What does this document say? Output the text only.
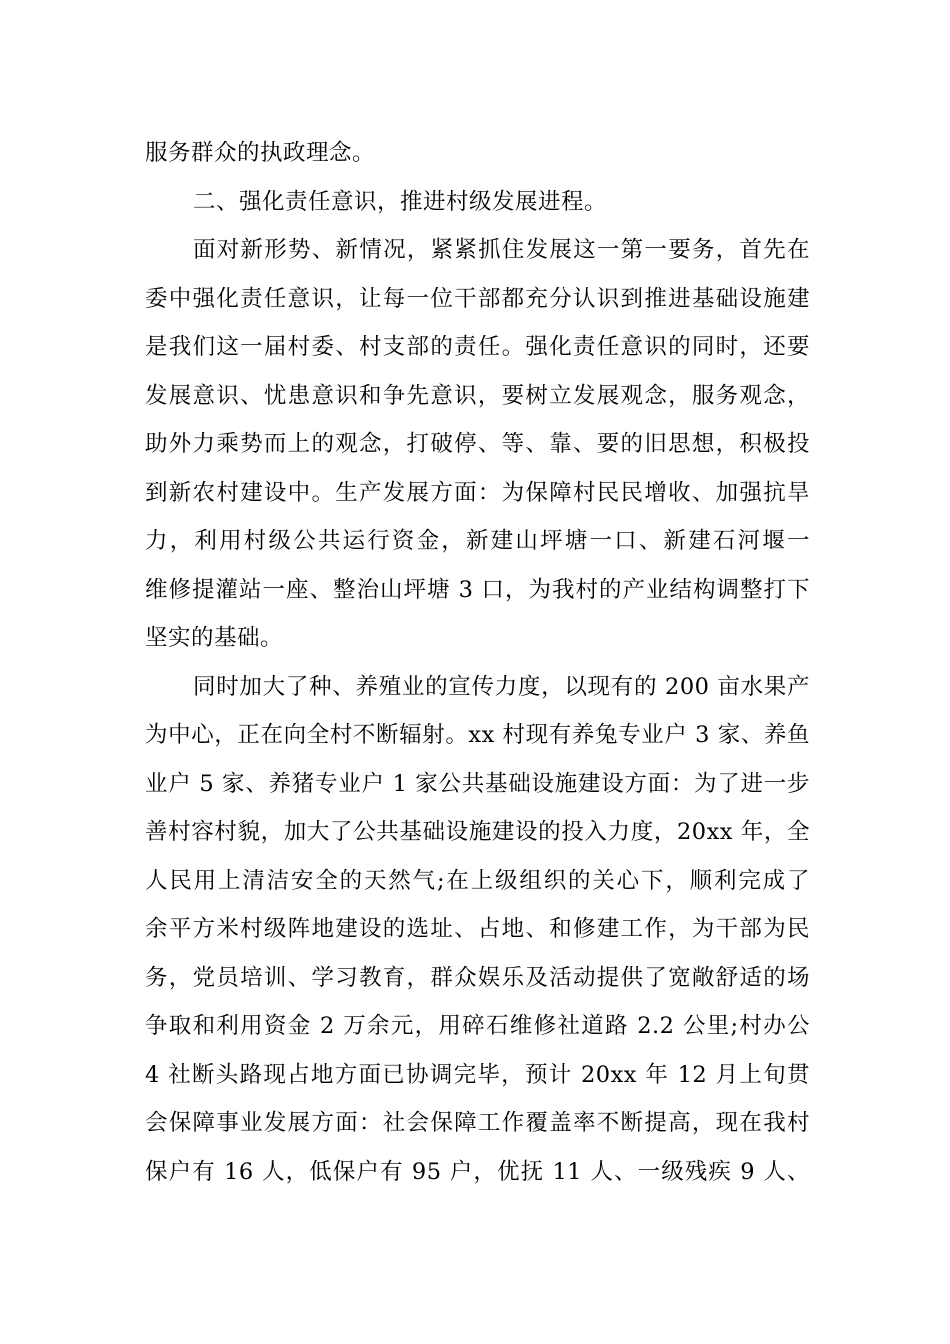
服务群众的执政理念。
二、强化责任意识，推进村级发展进程。
面对新形势、新情况，紧紧抓住发展这一第一要务，首先在
委中强化责任意识，让每一位干部都充分认识到推进基础设施建
是我们这一届村委、村支部的责任。强化责任意识的同时，还要
发展意识、忧患意识和争先意识，要树立发展观念，服务观念，
助外力乘势而上的观念，打破停、等、靠、要的旧思想，积极投
到新农村建设中。生产发展方面：为保障村民民增收、加强抗旱
力，利用村级公共运行资金，新建山坪塘一口、新建石河堰一
维修提灌站一座、整治山坪塘 3 口，为我村的产业结构调整打下
坚实的基础。
同时加大了种、养殖业的宣传力度，以现有的 200 亩水果产
为中心，正在向全村不断辐射。xx 村现有养兔专业户 3 家、养鱼
业户 5 家、养猪专业户 1 家公共基础设施建设方面：为了进一步
善村容村貌，加大了公共基础设施建设的投入力度，20xx 年，全
人民用上清洁安全的天然气;在上级组织的关心下，顺利完成了
余平方米村级阵地建设的选址、占地、和修建工作，为干部为民
务，党员培训、学习教育，群众娱乐及活动提供了宽敞舒适的场
争取和利用资金 2 万余元，用碎石维修社道路 2.2 公里;村办公
4 社断头路现占地方面已协调完毕，预计 20xx 年 12 月上旬贯
会保障事业发展方面：社会保障工作覆盖率不断提高，现在我村
保户有 16 人，低保户有 95 户，优抚 11 人、一级残疾 9 人、
